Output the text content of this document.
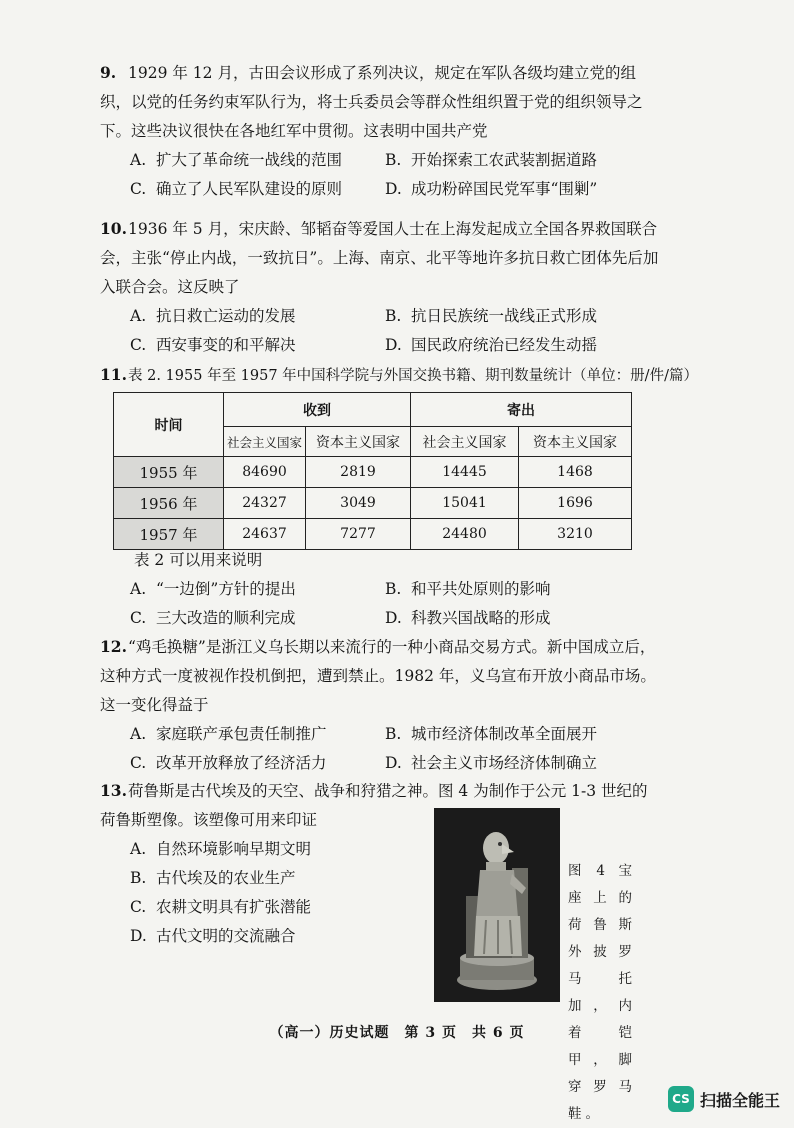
9. 1929 年 12 月，古田会议形成了系列决议，规定在军队各级均建立党的组织，以党的任务约束军队行为，将士兵委员会等群众性组织置于党的组织领导之下。这些决议很快在各地红军中贯彻。这表明中国共产党

A. 扩大了革命统一战线的范围	B. 开始探索工农武装割据道路
C. 确立了人民军队建设的原则	D. 成功粉碎国民党军事“围剿”

10.1936 年 5 月，宋庆龄、邹韬奋等爱国人士在上海发起成立全国各界救国联合会，主张“停止内战，一致抗日”。上海、南京、北平等地许多抗日救亡团体先后加入联合会。这反映了

A. 抗日救亡运动的发展	B. 抗日民族统一战线正式形成
C. 西安事变的和平解决	D. 国民政府统治已经发生动摇

11.表 2. 1955 年至 1957 年中国科学院与外国交换书籍、期刊数量统计（单位：册/件/篇）

时间	收到		寄出	
	社会主义国家	资本主义国家	社会主义国家	资本主义国家
1955 年	84690	2819	14445	1468
1956 年	24327	3049	15041	1696
1957 年	24637	7277	24480	3210

表 2 可以用来说明

A. “一边倒”方针的提出	B. 和平共处原则的影响
C. 三大改造的顺利完成	D. 科教兴国战略的形成

12.“鸡毛换糖”是浙江义乌长期以来流行的一种小商品交易方式。新中国成立后，这种方式一度被视作投机倒把，遭到禁止。1982 年，义乌宣布开放小商品市场。这一变化得益于

A. 家庭联产承包责任制推广	B. 城市经济体制改革全面展开
C. 改革开放释放了经济活力	D. 社会主义市场经济体制确立

13.荷鲁斯是古代埃及的天空、战争和狩猎之神。图 4 为制作于公元 1-3 世纪的荷鲁斯塑像。该塑像可用来印证

A. 自然环境影响早期文明
B. 古代埃及的农业生产
C. 农耕文明具有扩张潜能
D. 古代文明的交流融合
图 4 宝座上的荷鲁斯外披罗马托加，内着铠甲，脚穿罗马鞋。
（高一）历史试题　第 3 页　共 6 页
CS 扫描全能王
